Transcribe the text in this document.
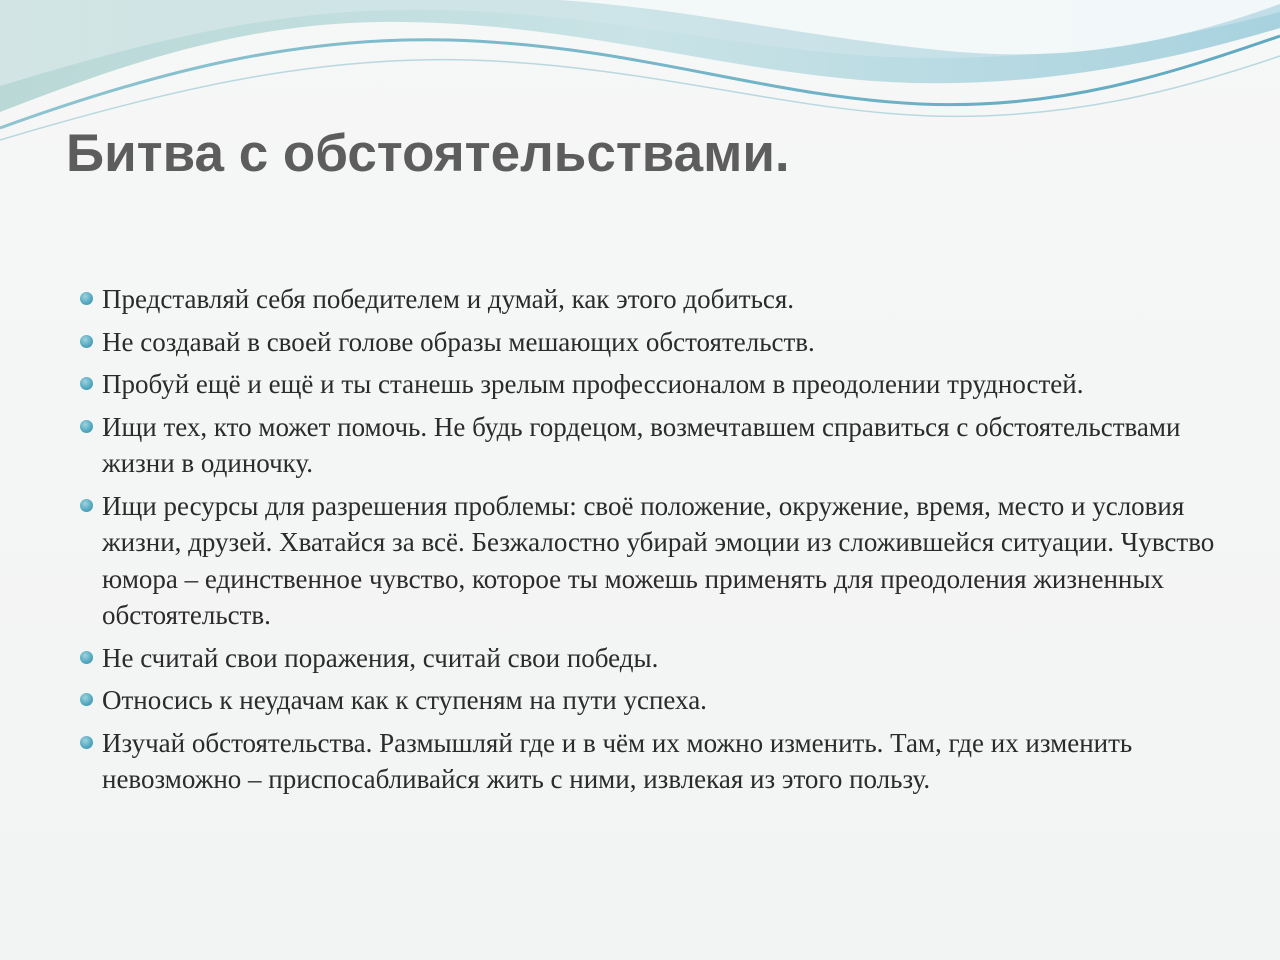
Битва с обстоятельствами.
Представляй себя победителем и думай, как этого добиться.
Не создавай в своей голове образы мешающих обстоятельств.
Пробуй ещё и ещё и ты станешь зрелым профессионалом в преодолении трудностей.
Ищи тех, кто может помочь. Не будь гордецом, возмечтавшем справиться с обстоятельствами жизни в одиночку.
Ищи ресурсы для разрешения проблемы: своё положение, окружение, время, место и условия жизни, друзей. Хватайся за всё. Безжалостно убирай эмоции из сложившейся ситуации. Чувство юмора – единственное чувство, которое ты можешь применять для преодоления жизненных обстоятельств.
Не считай свои поражения, считай свои победы.
Относись к неудачам как к ступеням на пути успеха.
Изучай обстоятельства. Размышляй где и в чём их можно изменить. Там, где их изменить невозможно – приспосабливайся жить с ними, извлекая из этого пользу.
